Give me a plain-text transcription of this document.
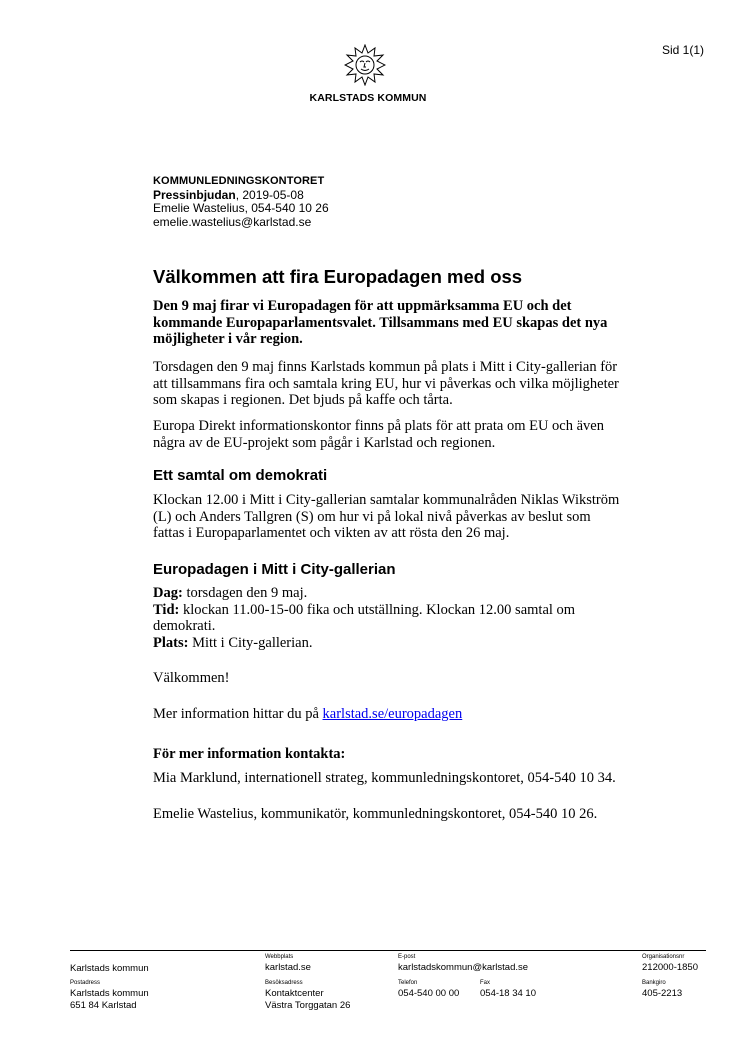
Sid 1(1)
KARLSTADS KOMMUN
KOMMUNLEDNINGSKONTORET
Pressinbjudan, 2019-05-08
Emelie Wastelius, 054-540 10 26
emelie.wastelius@karlstad.se
Välkommen att fira Europadagen med oss
Den 9 maj firar vi Europadagen för att uppmärksamma EU och det kommande Europaparlamentsvalet. Tillsammans med EU skapas det nya möjligheter i vår region.
Torsdagen den 9 maj finns Karlstads kommun på plats i Mitt i City-gallerian för att tillsammans fira och samtala kring EU, hur vi påverkas och vilka möjligheter som skapas i regionen. Det bjuds på kaffe och tårta.
Europa Direkt informationskontor finns på plats för att prata om EU och även några av de EU-projekt som pågår i Karlstad och regionen.
Ett samtal om demokrati
Klockan 12.00 i Mitt i City-gallerian samtalar kommunalråden Niklas Wikström (L) och Anders Tallgren (S) om hur vi på lokal nivå påverkas av beslut som fattas i Europaparlamentet och vikten av att rösta den 26 maj.
Europadagen i Mitt i City-gallerian
Dag: torsdagen den 9 maj.
Tid: klockan 11.00-15-00 fika och utställning. Klockan 12.00 samtal om demokrati.
Plats: Mitt i City-gallerian.
Välkommen!
Mer information hittar du på karlstad.se/europadagen
För mer information kontakta:
Mia Marklund, internationell strateg, kommunledningskontoret, 054-540 10 34.
Emelie Wastelius, kommunikatör, kommunledningskontoret, 054-540 10 26.
Karlstads kommun
Webbplats
karlstad.se
E-post
karlstadskommun@karlstad.se
Organisationsnr
212000-1850
Postadress
Karlstads kommun
651 84 Karlstad
Besöksadress
Kontaktcenter
Västra Torggatan 26
Telefon
054-540 00 00
Fax
054-18 34 10
Bankgiro
405-2213
